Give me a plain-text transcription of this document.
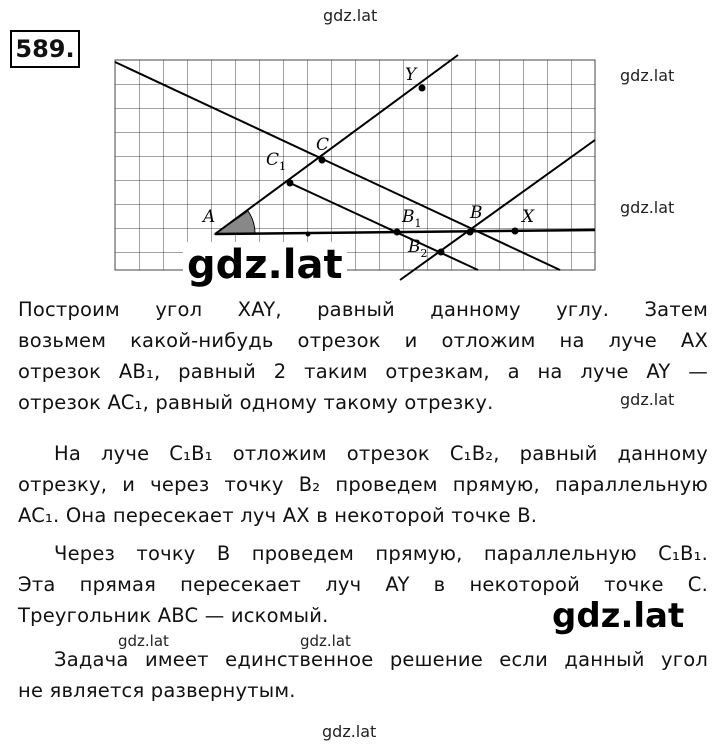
gdz.lat
gdz.lat
gdz.lat
gdz.lat
589.
A
Y
C
$C_1$
$B_1$
B
$B_2$
X
gdz.lat
Построим угол XAY, равный данному углу. Затем
возьмем какой-нибудь отрезок и отложим на луче AX
отрезок AB₁, равный 2 таким отрезкам, а на луче AY —
отрезок AC₁, равный одному такому отрезку.
На луче C₁B₁ отложим отрезок C₁B₂, равный данному
отрезку, и через точку B₂ проведем прямую, параллельную
AC₁. Она пересекает луч AX в некоторой точке B.
Через точку B проведем прямую, параллельную C₁B₁.
Эта прямая пересекает луч AY в некоторой точке C.
Треугольник ABC — искомый.	gdz.lat
gdz.lat	gdz.lat
Задача имеет единственное решение если данный угол
не является развернутым.
gdz.lat
